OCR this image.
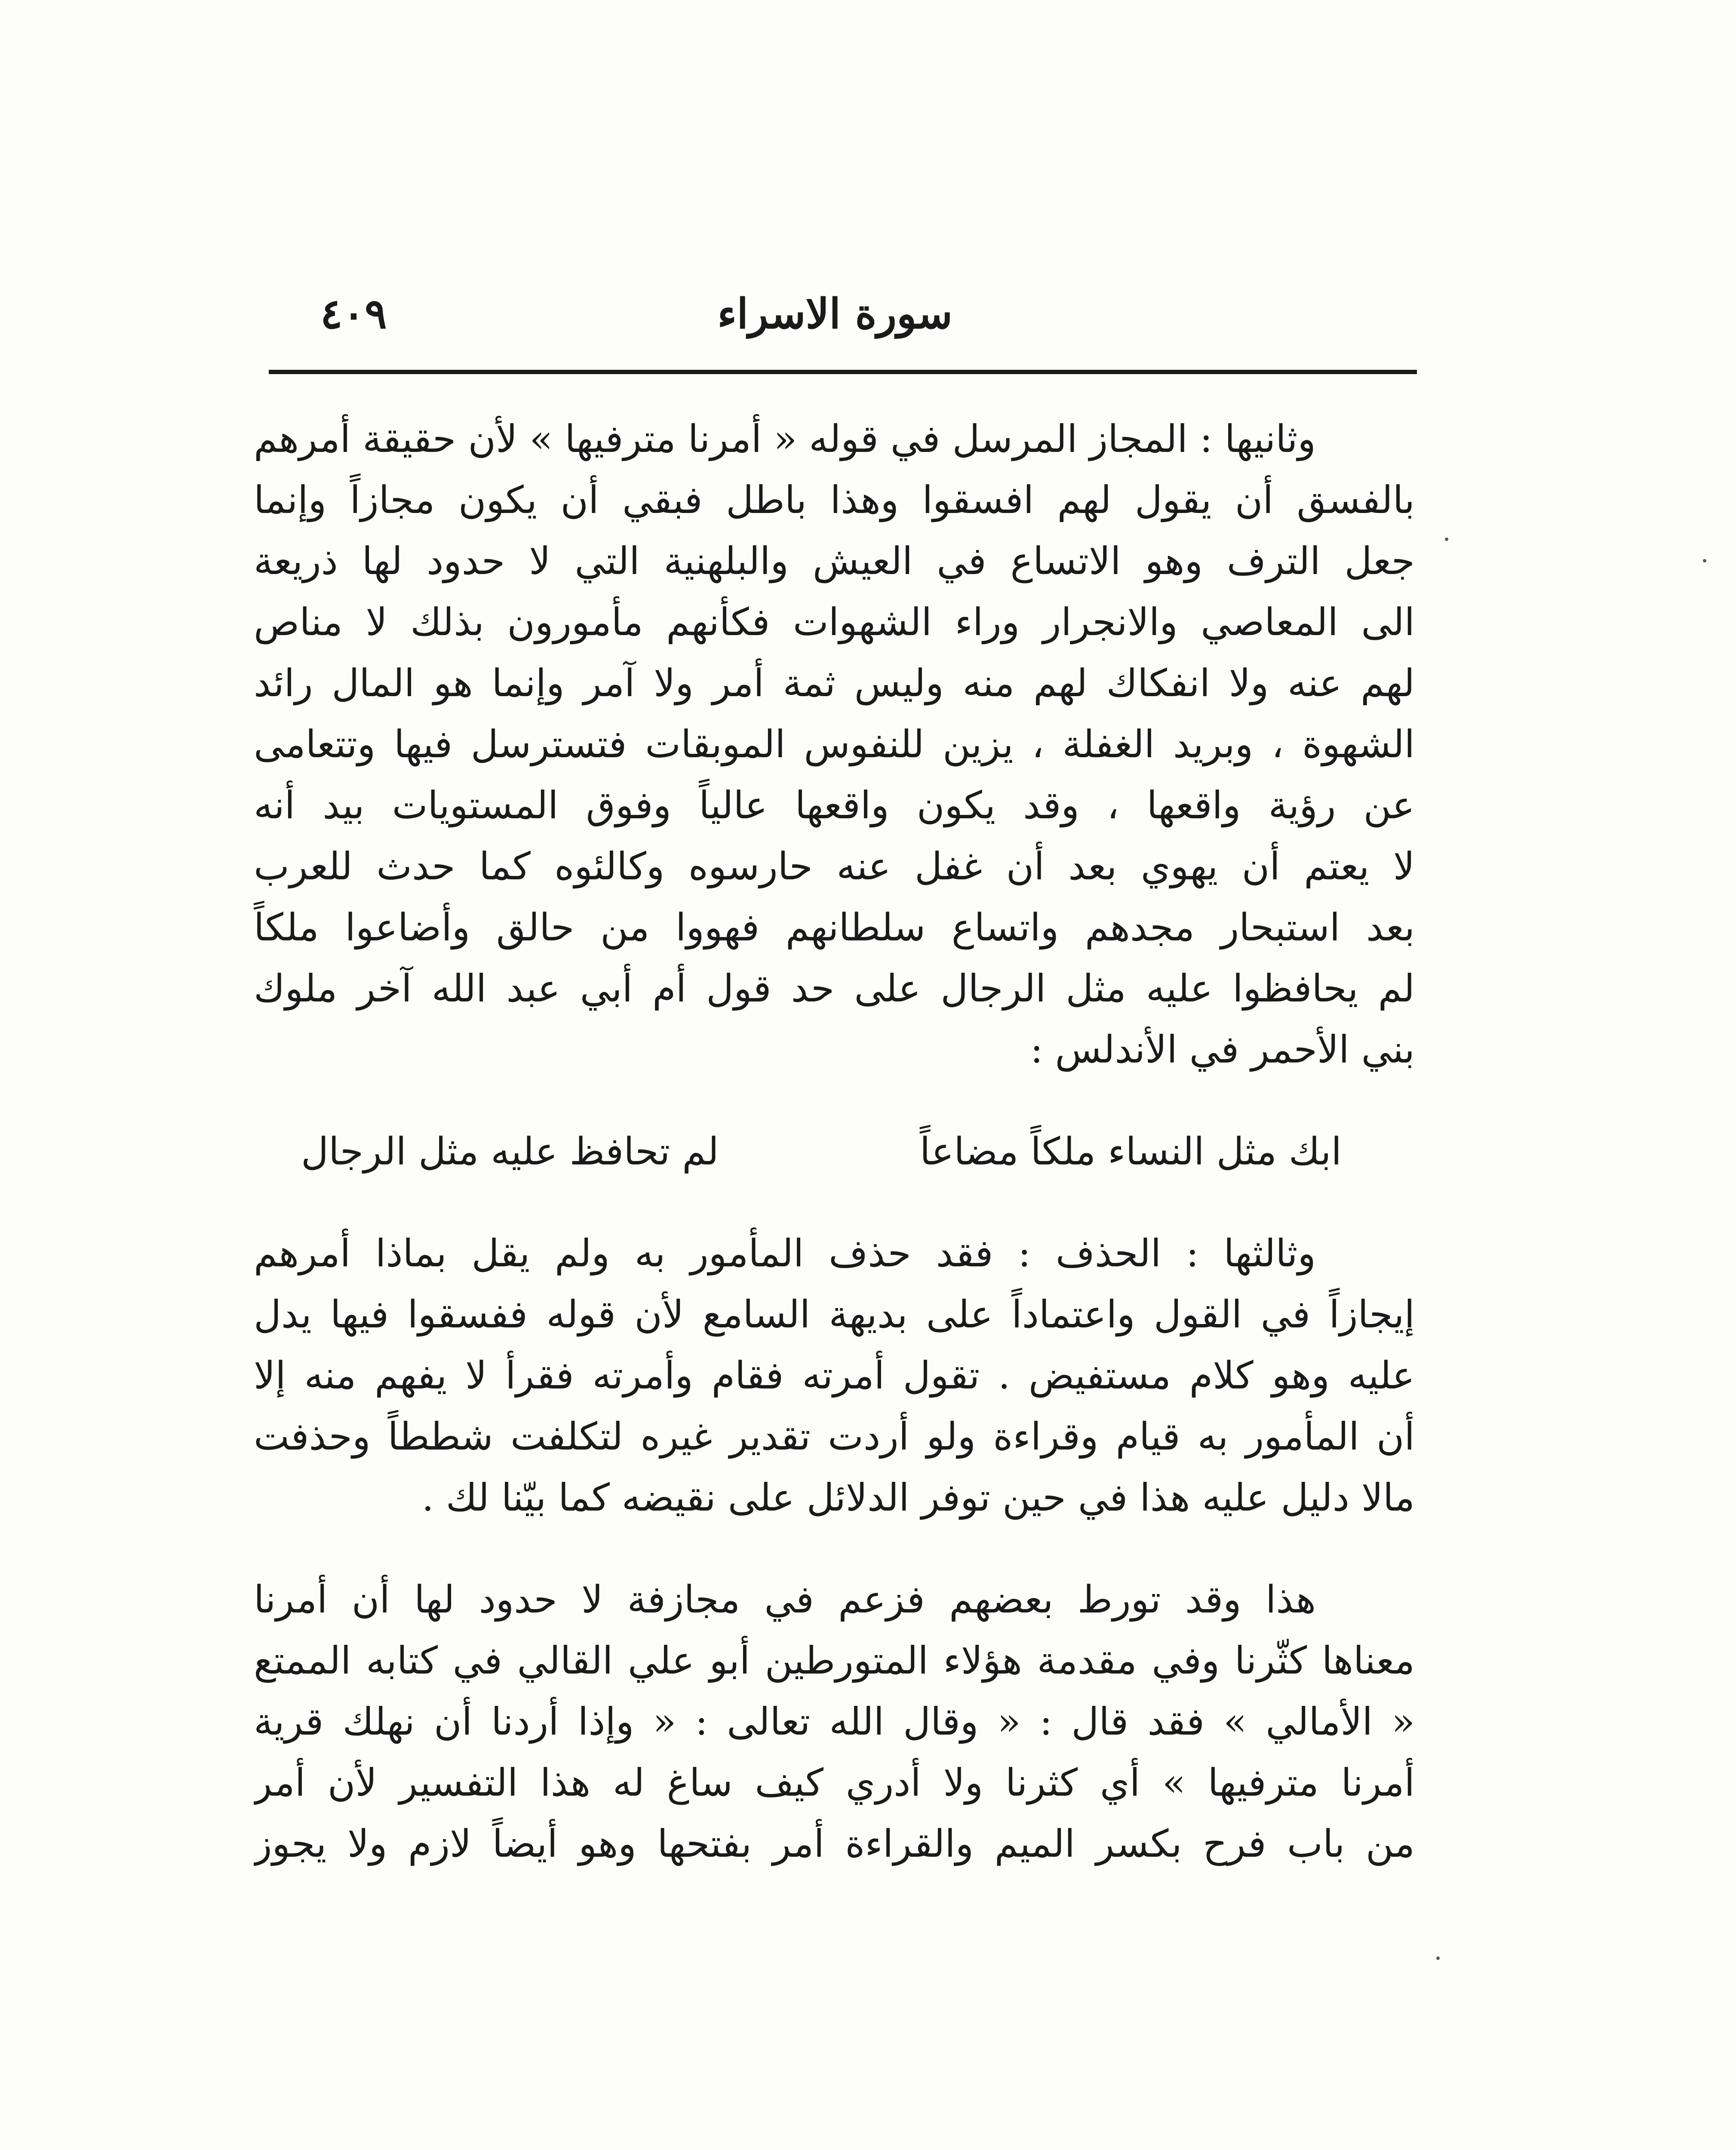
سورة الاسراء
٤٠٩
وثانيها : المجاز المرسل في قوله « أمرنا مترفيها » لأن حقيقة أمرهم
بالفسق أن يقول لهم افسقوا وهذا باطل فبقي أن يكون مجازاً وإنما
جعل الترف وهو الاتساع في العيش والبلهنية التي لا حدود لها ذريعة
الى المعاصي والانجرار وراء الشهوات فكأنهم مأمورون بذلك لا مناص
لهم عنه ولا انفكاك لهم منه وليس ثمة أمر ولا آمر وإنما هو المال رائد
الشهوة ، وبريد الغفلة ، يزين للنفوس الموبقات فتسترسل فيها وتتعامى
عن رؤية واقعها ، وقد يكون واقعها عالياً وفوق المستويات بيد أنه
لا يعتم أن يهوي بعد أن غفل عنه حارسوه وكالئوه كما حدث للعرب
بعد استبحار مجدهم واتساع سلطانهم فهووا من حالق وأضاعوا ملكاً
لم يحافظوا عليه مثل الرجال على حد قول أم أبي عبد الله آخر ملوك
بني الأحمر في الأندلس :
ابك مثل النساء ملكاً مضاعاً
لم تحافظ عليه مثل الرجال
وثالثها : الحذف : فقد حذف المأمور به ولم يقل بماذا أمرهم
إيجازاً في القول واعتماداً على بديهة السامع لأن قوله ففسقوا فيها يدل
عليه وهو كلام مستفيض . تقول أمرته فقام وأمرته فقرأ لا يفهم منه إلا
أن المأمور به قيام وقراءة ولو أردت تقدير غيره لتكلفت شططاً وحذفت
مالا دليل عليه هذا في حين توفر الدلائل على نقيضه كما بيّنا لك .
هذا وقد تورط بعضهم فزعم في مجازفة لا حدود لها أن أمرنا
معناها كثّرنا وفي مقدمة هؤلاء المتورطين أبو علي القالي في كتابه الممتع
« الأمالي » فقد قال : « وقال الله تعالى : « وإذا أردنا أن نهلك قرية
أمرنا مترفيها » أي كثرنا ولا أدري كيف ساغ له هذا التفسير لأن أمر
من باب فرح بكسر الميم والقراءة أمر بفتحها وهو أيضاً لازم ولا يجوز
